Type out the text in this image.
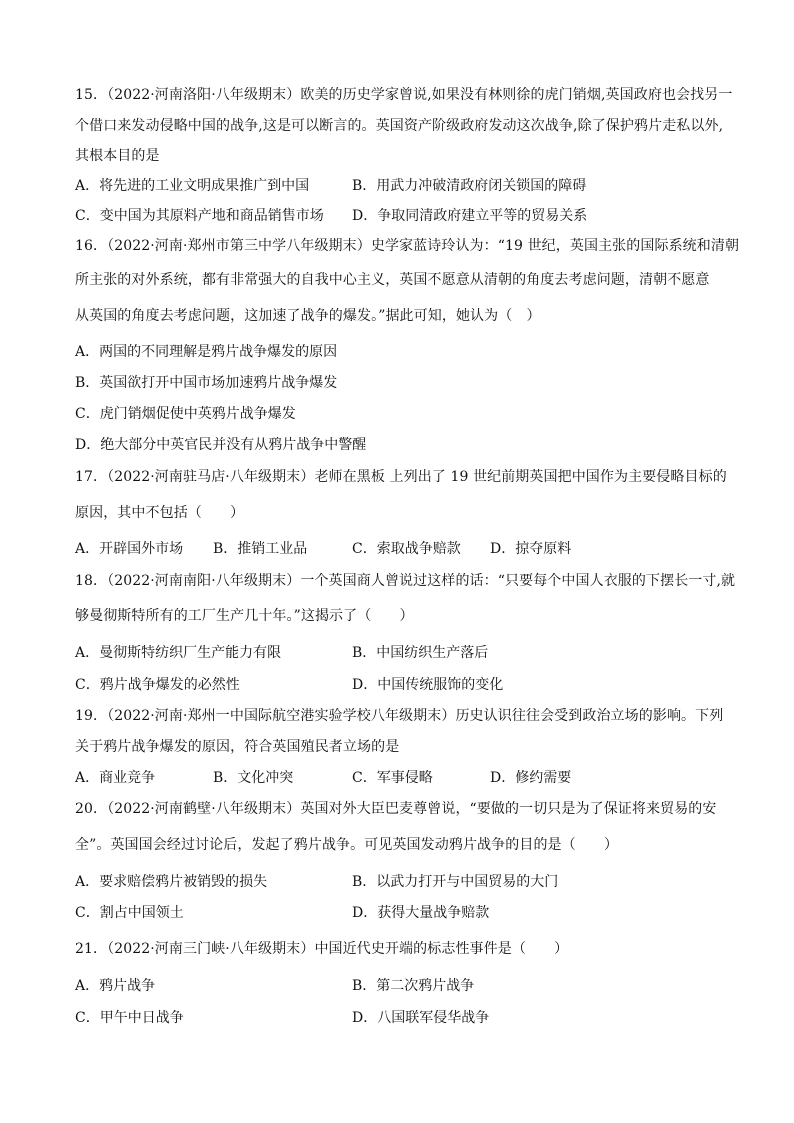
15．（2022·河南洛阳·八年级期末）欧美的历史学家曾说,如果没有林则徐的虎门销烟,英国政府也会找另一
个借口来发动侵略中国的战争,这是可以断言的。英国资产阶级政府发动这次战争,除了保护鸦片走私以外,
其根本目的是
A．将先进的工业文明成果推广到中国	B．用武力冲破清政府闭关锁国的障碍
C．变中国为其原料产地和商品销售市场 D．争取同清政府建立平等的贸易关系
16．（2022·河南·郑州市第三中学八年级期末）史学家蓝诗玲认为：“19 世纪，英国主张的国际系统和清朝
所主张的对外系统，都有非常强大的自我中心主义，英国不愿意从清朝的角度去考虑问题，清朝不愿意
从英国的角度去考虑问题，这加速了战争的爆发。”据此可知，她认为（　）
A．两国的不同理解是鸦片战争爆发的原因
B．英国欲打开中国市场加速鸦片战争爆发
C．虎门销烟促使中英鸦片战争爆发
D．绝大部分中英官民并没有从鸦片战争中警醒
17．（2022·河南驻马店·八年级期末）老师在黑板 上列出了 19 世纪前期英国把中国作为主要侵略目标的
原因，其中不包括（　　）
A．开辟国外市场 B．推销工业品	C．索取战争赔款 D．掠夺原料
18．（2022·河南南阳·八年级期末）一个英国商人曾说过这样的话：“只要每个中国人衣服的下摆长一寸,就
够曼彻斯特所有的工厂生产几十年。”这揭示了（　　）
A．曼彻斯特纺织厂生产能力有限	B．中国纺织生产落后
C．鸦片战争爆发的必然性	D．中国传统服饰的变化
19．（2022·河南·郑州一中国际航空港实验学校八年级期末）历史认识往往会受到政治立场的影响。下列
关于鸦片战争爆发的原因，符合英国殖民者立场的是
A．商业竞争	B．文化冲突	C．军事侵略	D．修约需要
20．（2022·河南鹤壁·八年级期末）英国对外大臣巴麦尊曾说，“要做的一切只是为了保证将来贸易的安
全”。英国国会经过讨论后，发起了鸦片战争。可见英国发动鸦片战争的目的是（　　）
A．要求赔偿鸦片被销毁的损失	B．以武力打开与中国贸易的大门
C．割占中国领土	D．获得大量战争赔款
21．（2022·河南三门峡·八年级期末）中国近代史开端的标志性事件是（　　）
A．鸦片战争	B．第二次鸦片战争
C．甲午中日战争	D．八国联军侵华战争
